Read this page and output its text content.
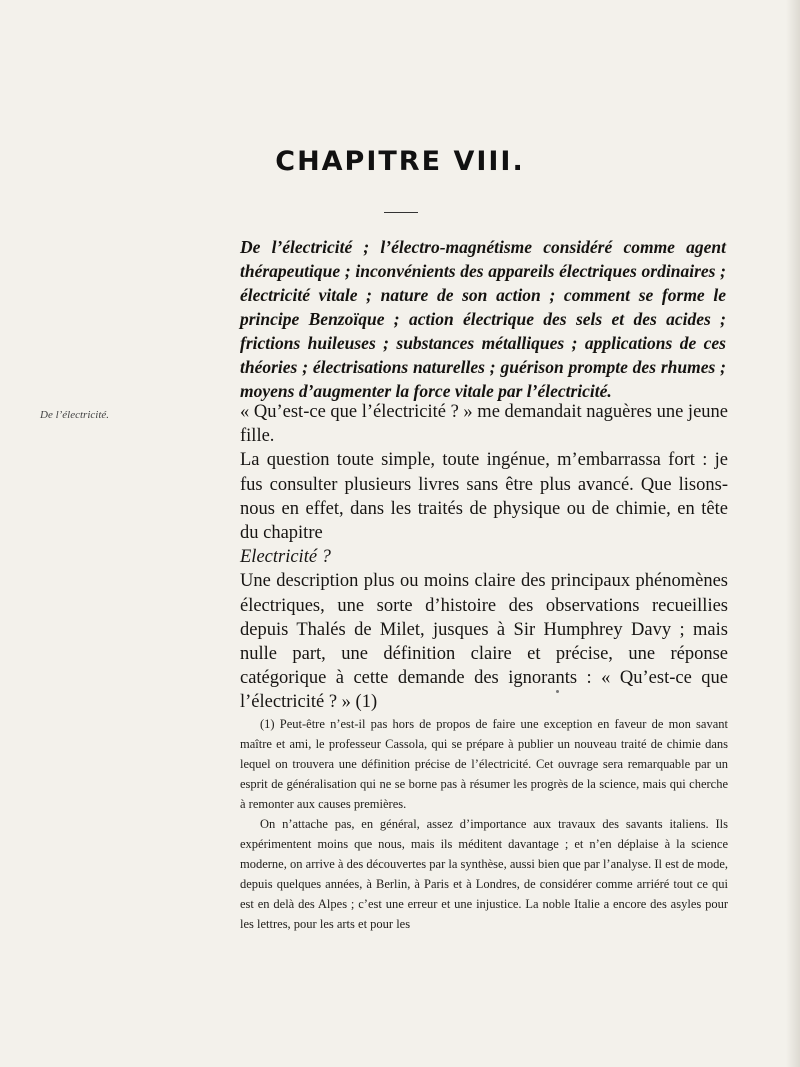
CHAPITRE VIII.

De l’électricité ; l’électro-magnétisme considéré comme agent thérapeutique ; inconvénients des appareils électriques ordinaires ; électricité vitale ; nature de son action ; comment se forme le principe Benzoïque ; action électrique des sels et des acides ; frictions huileuses ; substances métalliques ; applications de ces théories ; électrisations naturelles ; guérison prompte des rhumes ; moyens d’augmenter la force vitale par l’électricité.

De l’électricité.	« Qu’est-ce que l’électricité ? » me demandait naguères une jeune fille.

La question toute simple, toute ingénue, m’embarrassa fort : je fus consulter plusieurs livres sans être plus avancé. Que lisons-nous en effet, dans les traités de physique ou de chimie, en tête du chapitre
Electricité ?

Une description plus ou moins claire des principaux phénomènes électriques, une sorte d’histoire des observations recueillies depuis Thalés de Milet, jusques à Sir Humphrey Davy ; mais nulle part, une définition claire et précise, une réponse catégorique à cette demande des ignorants : « Qu’est-ce que l’électricité ? » (1)

(1) Peut-être n’est-il pas hors de propos de faire une exception en faveur de mon savant maître et ami, le professeur Cassola, qui se prépare à publier un nouveau traité de chimie dans lequel on trouvera une définition précise de l’électricité. Cet ouvrage sera remarquable par un esprit de généralisation qui ne se borne pas à résumer les progrès de la science, mais qui cherche à remonter aux causes premières.

On n’attache pas, en général, assez d’importance aux travaux des savants italiens. Ils expérimentent moins que nous, mais ils méditent davantage ; et n’en déplaise à la science moderne, on arrive à des découvertes par la synthèse, aussi bien que par l’analyse. Il est de mode, depuis quelques années, à Berlin, à Paris et à Londres, de considérer comme arriéré tout ce qui est en delà des Alpes ; c’est une erreur et une injustice. La noble Italie a encore des asyles pour les lettres, pour les arts et pour les
